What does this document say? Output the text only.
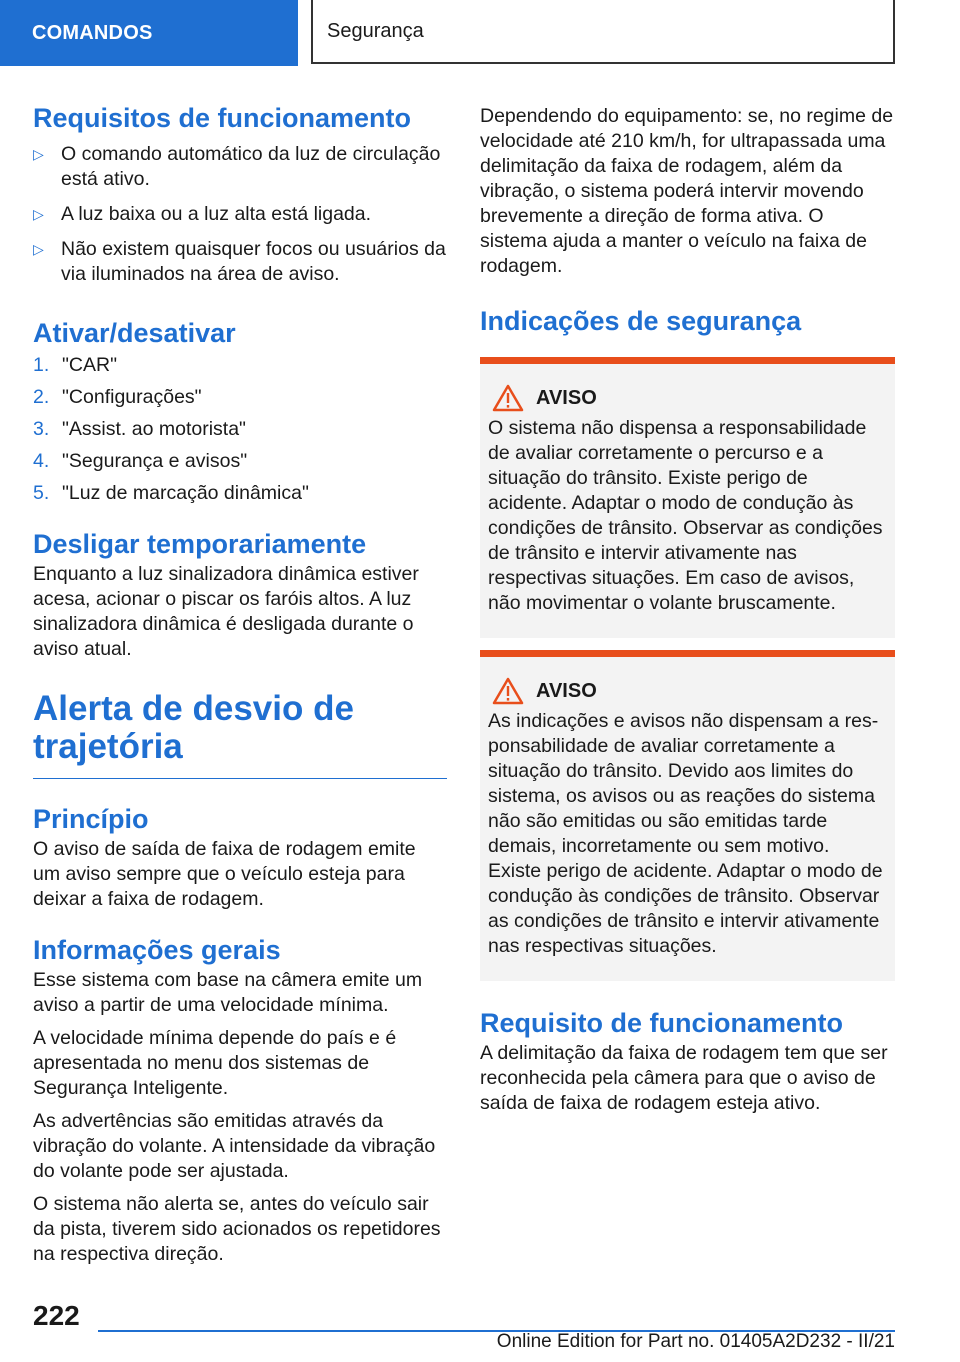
COMANDOS	Segurança
Requisitos de funcionamento
▷ O comando automático da luz de circulação está ativo.
▷ A luz baixa ou a luz alta está ligada.
▷ Não existem quaisquer focos ou usuários da via iluminados na área de aviso.
Ativar/desativar
1. "CAR"
2. "Configurações"
3. "Assist. ao motorista"
4. "Segurança e avisos"
5. "Luz de marcação dinâmica"
Desligar temporariamente

Enquanto a luz sinalizadora dinâmica estiver acesa, acionar o piscar os faróis altos. A luz sinalizadora dinâmica é desligada durante o aviso atual.

Alerta de desvio de trajetória
Princípio

O aviso de saída de faixa de rodagem emite um aviso sempre que o veículo esteja para deixar a faixa de rodagem.

Informações gerais

Esse sistema com base na câmera emite um aviso a partir de uma velocidade mínima.

A velocidade mínima depende do país e é apresentada no menu dos sistemas de Segurança Inteligente.

As advertências são emitidas através da vibração do volante. A intensidade da vibração do volante pode ser ajustada.

O sistema não alerta se, antes do veículo sair da pista, tiverem sido acionados os repetidores na respectiva direção.

Dependendo do equipamento: se, no regime de velocidade até 210 km/h, for ultrapassada uma delimitação da faixa de rodagem, além da vibração, o sistema poderá intervir movendo brevemente a direção de forma ativa. O sistema ajuda a manter o veículo na faixa de rodagem.

Indicações de segurança
AVISO

O sistema não dispensa a responsabilidade de avaliar corretamente o percurso e a situação do trânsito. Existe perigo de acidente. Adaptar o modo de condução às condições de trânsito. Observar as condições de trânsito e intervir ativamente nas respectivas situações. Em caso de avisos, não movimentar o volante bruscamente.

AVISO

As indicações e avisos não dispensam a responsabilidade de avaliar corretamente a situação do trânsito. Devido aos limites do sistema, os avisos ou as reações do sistema não são emitidas ou são emitidas tarde demais, incorretamente ou sem motivo. Existe perigo de acidente. Adaptar o modo de condução às condições de trânsito. Observar as condições de trânsito e intervir ativamente nas respectivas situações.

Requisito de funcionamento

A delimitação da faixa de rodagem tem que ser reconhecida pela câmera para que o aviso de saída de faixa de rodagem esteja ativo.

222
Online Edition for Part no. 01405A2D232 - II/21
